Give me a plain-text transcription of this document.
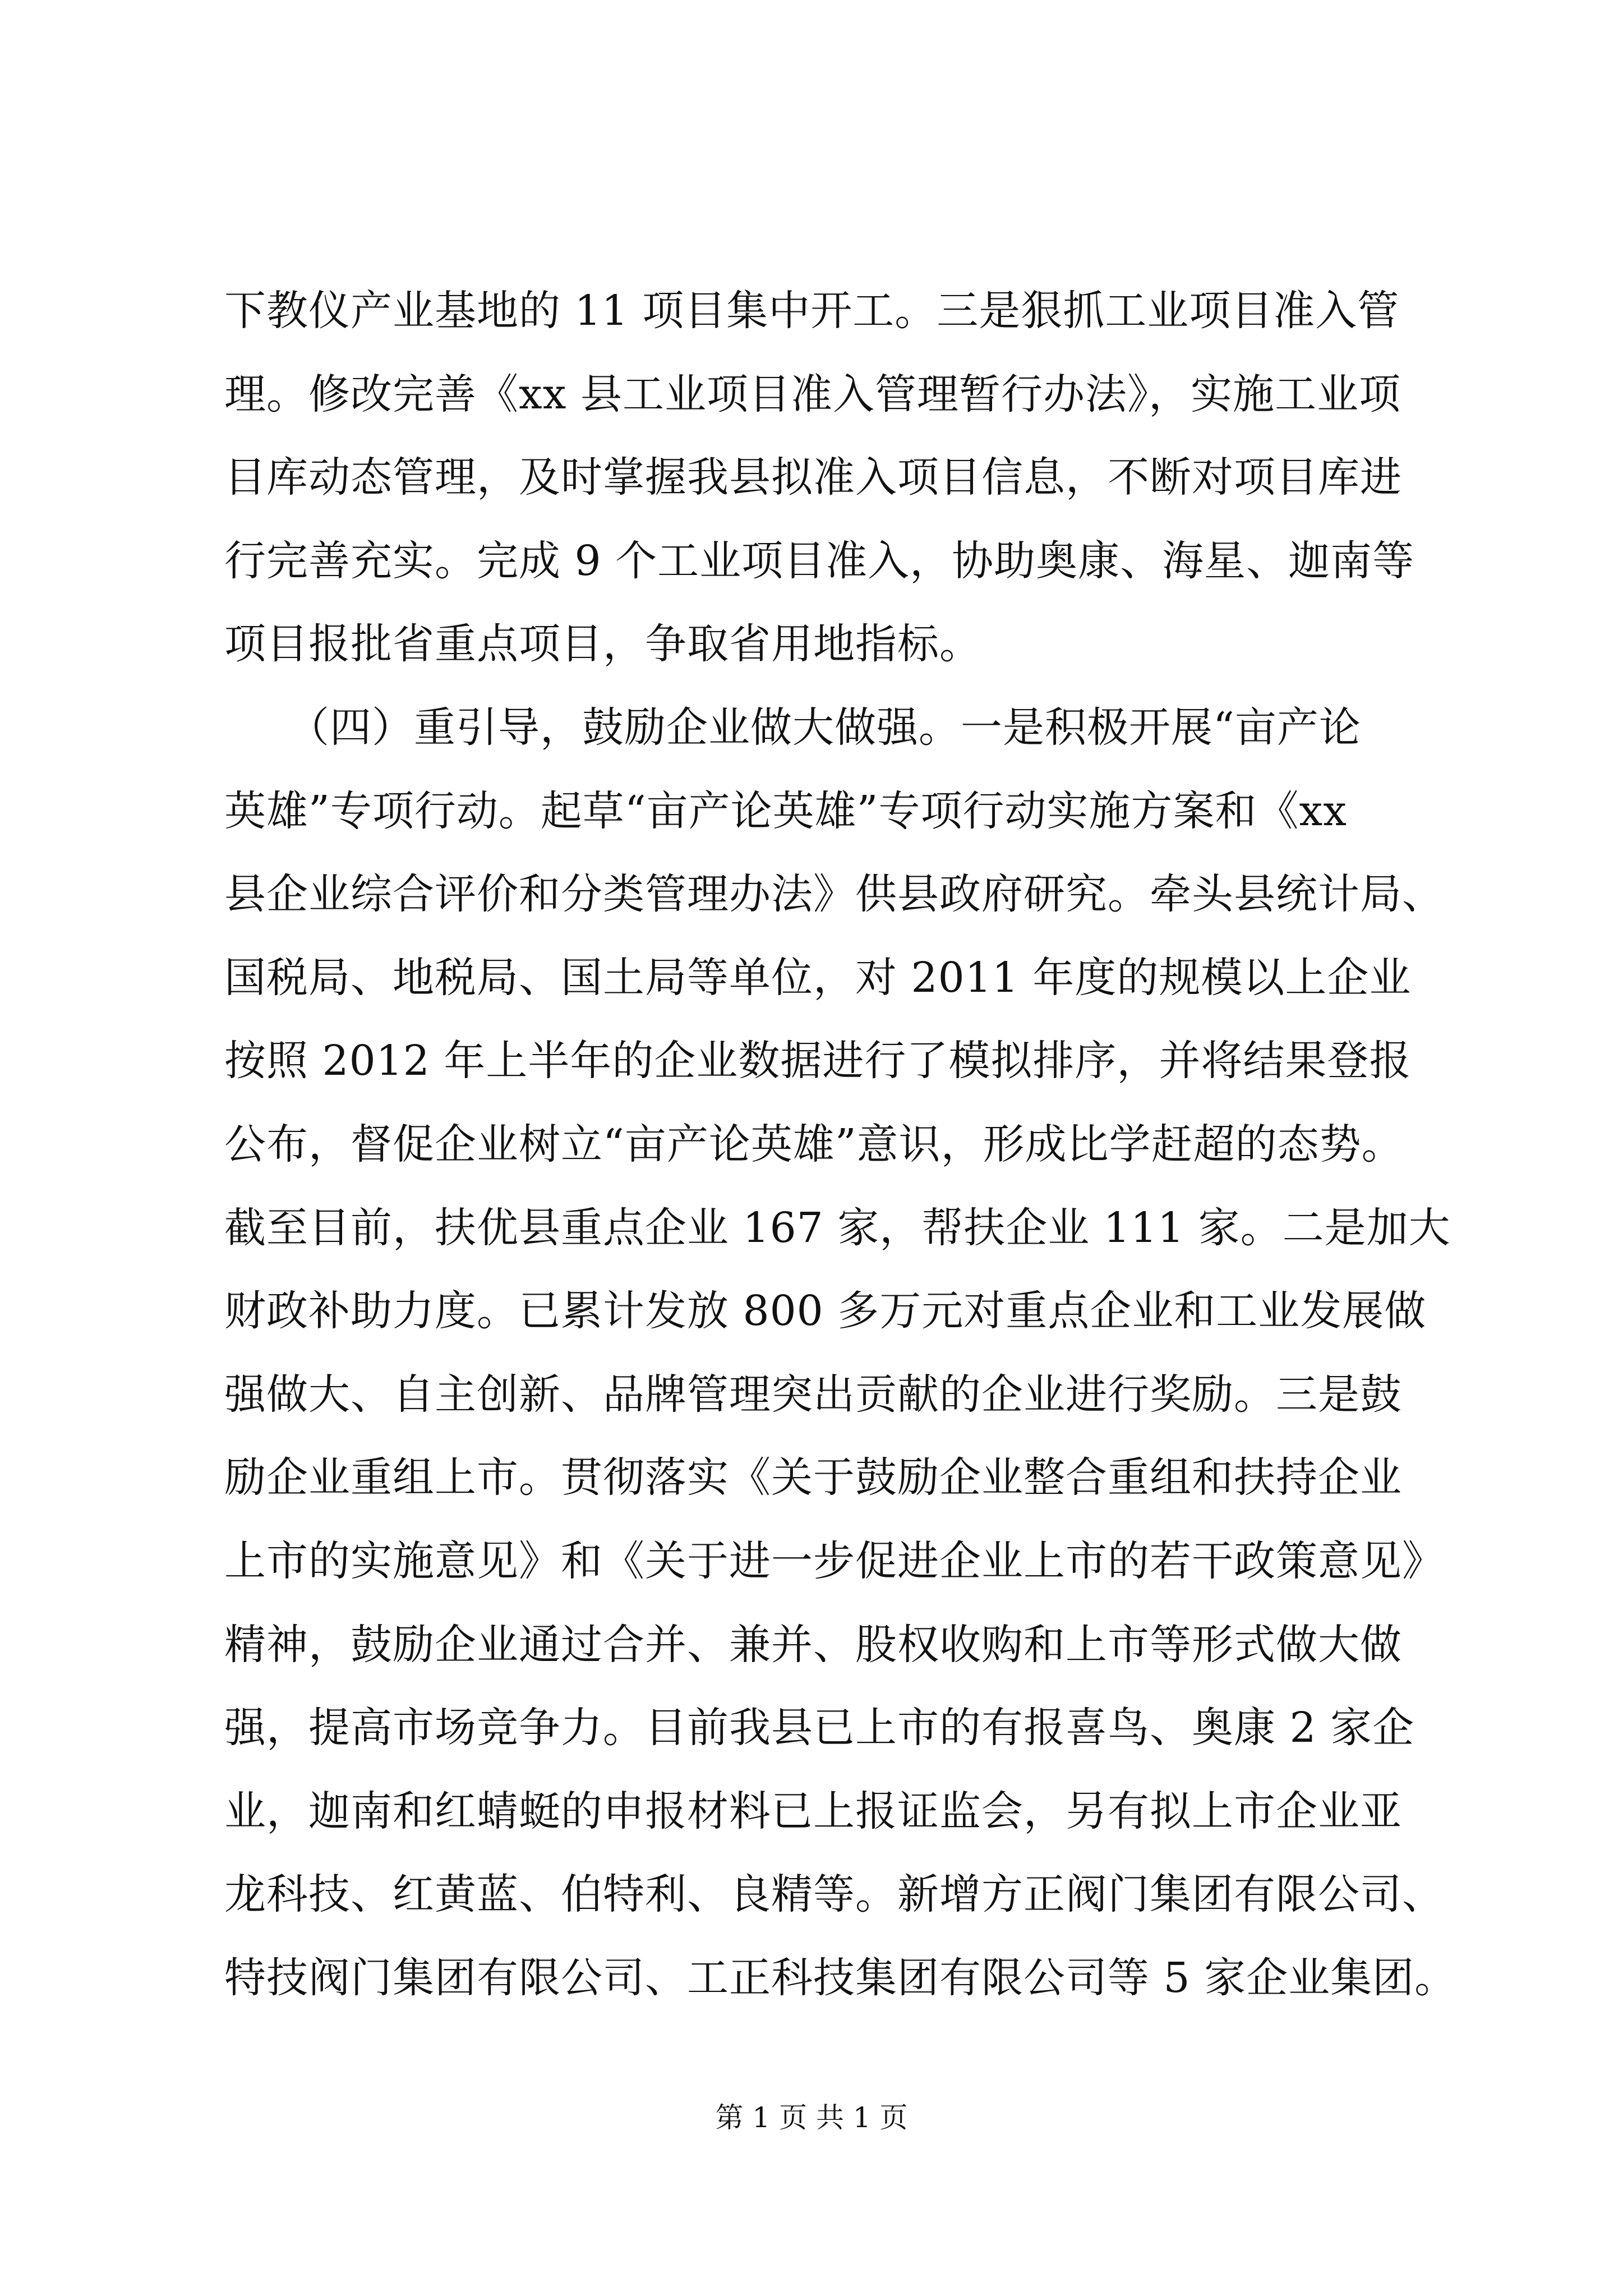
下教仪产业基地的 11 项目集中开工。三是狠抓工业项目准入管
理。修改完善《xx 县工业项目准入管理暂行办法》，实施工业项
目库动态管理，及时掌握我县拟准入项目信息，不断对项目库进
行完善充实。完成 9 个工业项目准入，协助奥康、海星、迦南等
项目报批省重点项目，争取省用地指标。
　　（四）重引导，鼓励企业做大做强。一是积极开展“亩产论
英雄”专项行动。起草“亩产论英雄”专项行动实施方案和《xx
县企业综合评价和分类管理办法》供县政府研究。牵头县统计局、
国税局、地税局、国土局等单位，对 2011 年度的规模以上企业
按照 2012 年上半年的企业数据进行了模拟排序，并将结果登报
公布，督促企业树立“亩产论英雄”意识，形成比学赶超的态势。
截至目前，扶优县重点企业 167 家，帮扶企业 111 家。二是加大
财政补助力度。已累计发放 800 多万元对重点企业和工业发展做
强做大、自主创新、品牌管理突出贡献的企业进行奖励。三是鼓
励企业重组上市。贯彻落实《关于鼓励企业整合重组和扶持企业
上市的实施意见》和《关于进一步促进企业上市的若干政策意见》
精神，鼓励企业通过合并、兼并、股权收购和上市等形式做大做
强，提高市场竞争力。目前我县已上市的有报喜鸟、奥康 2 家企
业，迦南和红蜻蜓的申报材料已上报证监会，另有拟上市企业亚
龙科技、红黄蓝、伯特利、良精等。新增方正阀门集团有限公司、
特技阀门集团有限公司、工正科技集团有限公司等 5 家企业集团。
第 1 页 共 1 页
